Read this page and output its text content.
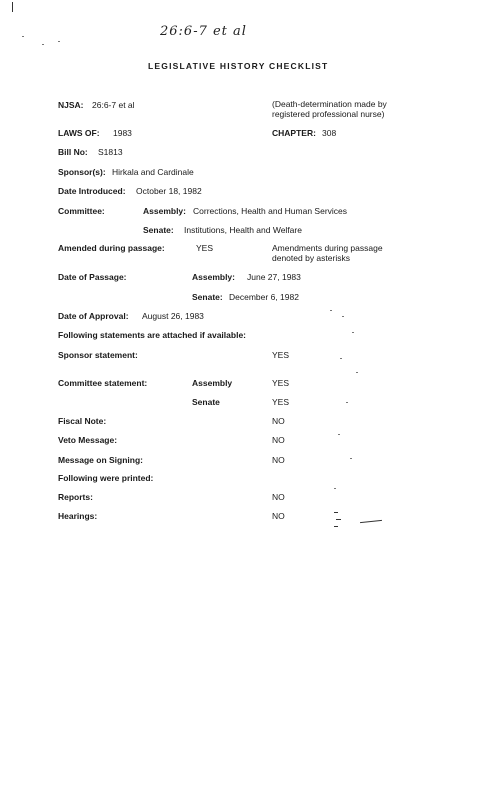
26:6-7 et al
LEGISLATIVE HISTORY CHECKLIST
NJSA: 26:6-7 et al	(Death-determination made by
registered professional nurse)
LAWS OF: 1983	CHAPTER: 308
Bill No: S1813
Sponsor(s): Hirkala and Cardinale
Date Introduced: October 18, 1982
Committee:	Assembly: Corrections, Health and Human Services
Senate: Institutions, Health and Welfare
Amended during passage:	YES	Amendments during passage
denoted by asterisks
Date of Passage:	Assembly: June 27, 1983
Senate: December 6, 1982
Date of Approval: August 26, 1983
Following statements are attached if available:
Sponsor statement:	YES
Committee statement:	Assembly	YES
Senate	YES
Fiscal Note:	NO
Veto Message:	NO
Message on Signing:	NO
Following were printed:
Reports:	NO
Hearings:	NO
